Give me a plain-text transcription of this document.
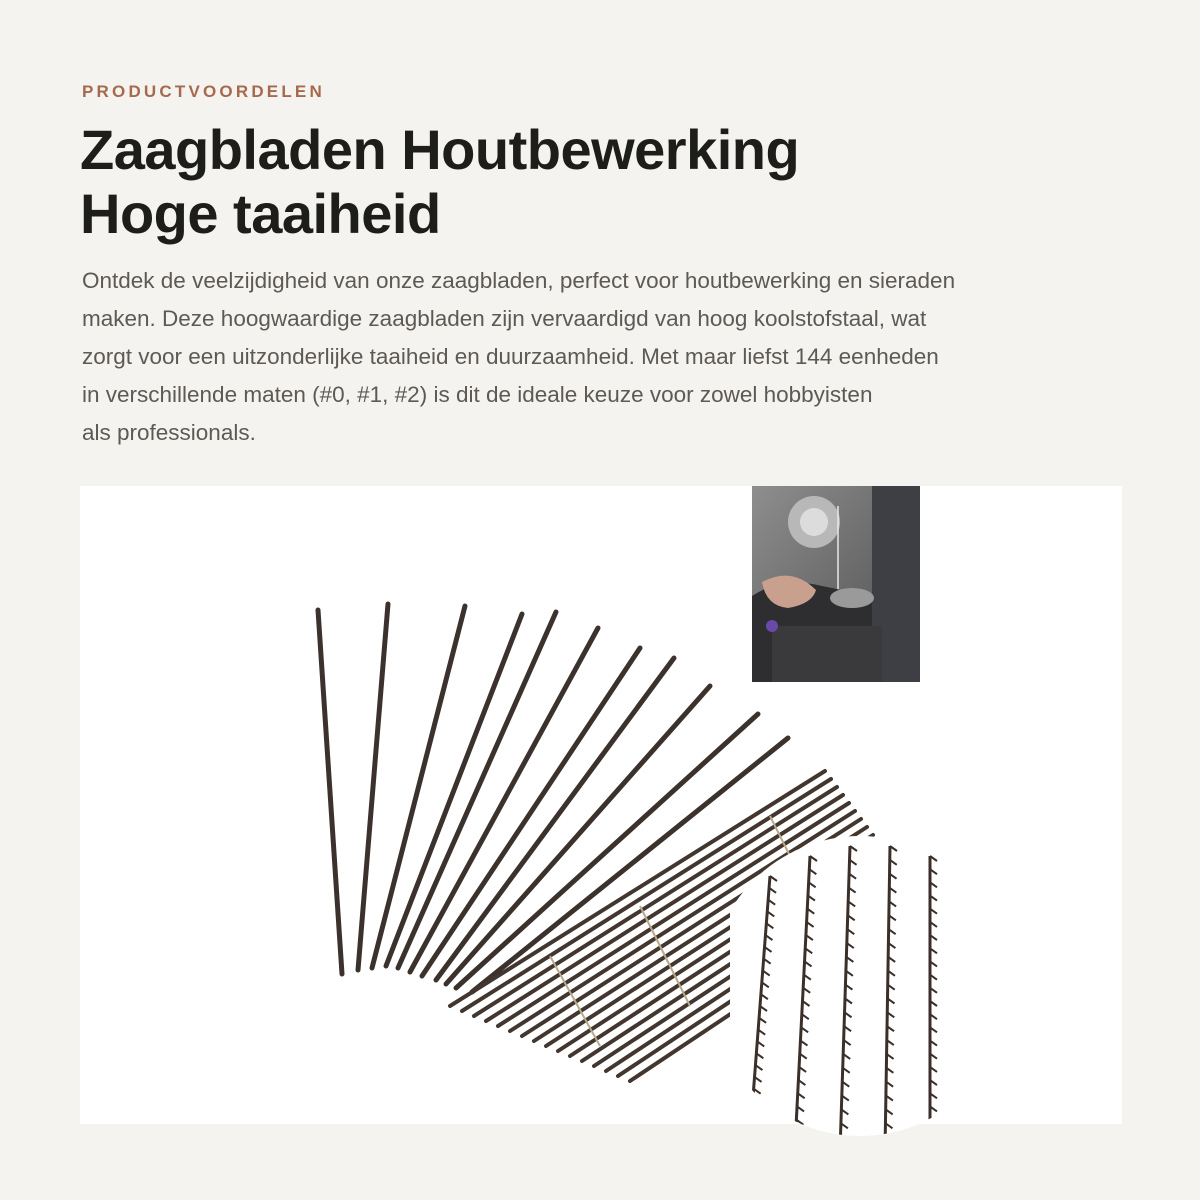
PRODUCTVOORDELEN
Zaagbladen Houtbewerking
Hoge taaiheid

Ontdek de veelzijdigheid van onze zaagbladen, perfect voor houtbewerking en sieraden
maken. Deze hoogwaardige zaagbladen zijn vervaardigd van hoog koolstofstaal, wat
zorgt voor een uitzonderlijke taaiheid en duurzaamheid. Met maar liefst 144 eenheden
in verschillende maten (#0, #1, #2) is dit de ideale keuze voor zowel hobbyisten
als professionals.
